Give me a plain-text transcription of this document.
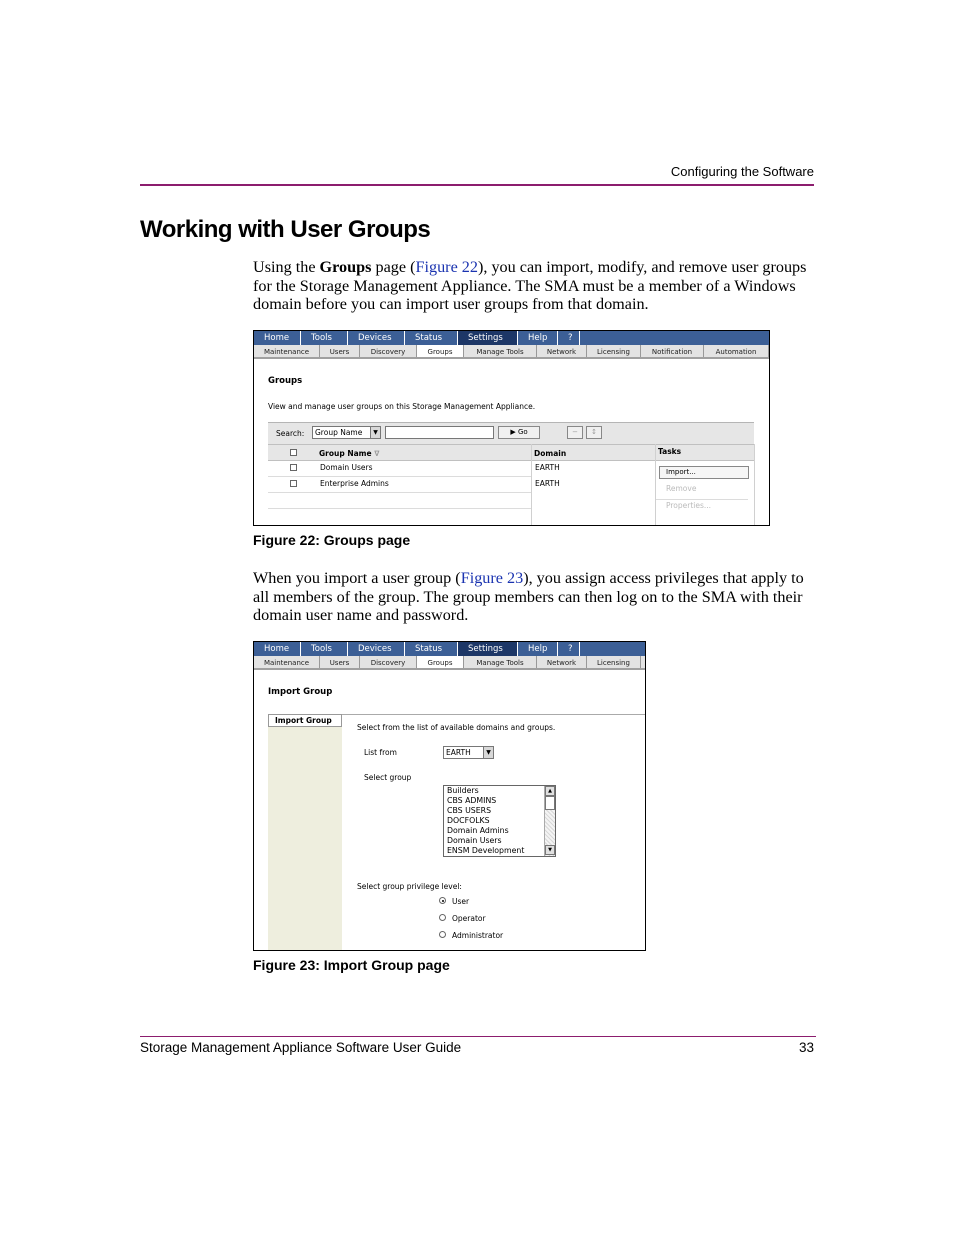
Configuring the Software
Working with User Groups
Using the Groups page (Figure 22), you can import, modify, and remove user groups for the Storage Management Appliance. The SMA must be a member of a Windows domain before you can import user groups from that domain.
Home	Tools	Devices	Status	Settings	Help	?
Maintenance	Users	Discovery	Groups	Manage Tools	Network	Licensing	Notification	Automation
Groups
View and manage user groups on this Storage Management Appliance.
Search:	Group Name	▼	▶ Go	−	↕
Group Name ∇	Domain	Tasks
Domain Users	EARTH
Enterprise Admins	EARTH
Import...
Remove
Properties...
Figure 22: Groups page
When you import a user group (Figure 23), you assign access privileges that apply to all members of the group. The group members can then log on to the SMA with their domain user name and password.
Home	Tools	Devices	Status	Settings	Help	?
Maintenance	Users	Discovery	Groups	Manage Tools	Network	Licensing
Import Group
Import Group
Select from the list of available domains and groups.
List from	EARTH	▼
Select group
Builders
CBS ADMINS
CBS USERS
DOCFOLKS
Domain Admins
Domain Users
ENSM Development
▲
▼
Select group privilege level:
User
Operator
Administrator
Figure 23: Import Group page
Storage Management Appliance Software User Guide	33
